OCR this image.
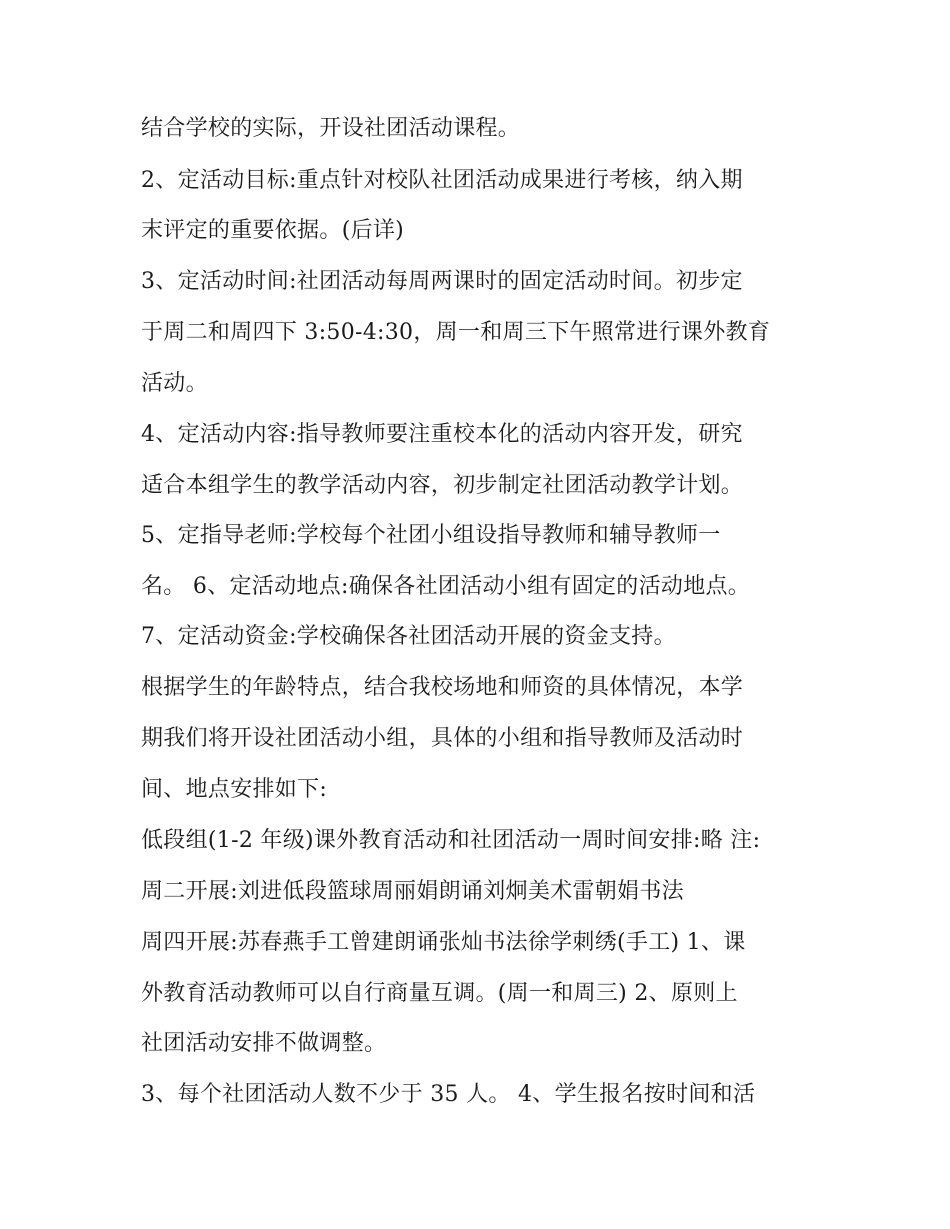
结合学校的实际，开设社团活动课程。
2、定活动目标:重点针对校队社团活动成果进行考核，纳入期
末评定的重要依据。(后详)
3、定活动时间:社团活动每周两课时的固定活动时间。初步定
于周二和周四下 3:50-4:30，周一和周三下午照常进行课外教育
活动。
4、定活动内容:指导教师要注重校本化的活动内容开发，研究
适合本组学生的教学活动内容，初步制定社团活动教学计划。
5、定指导老师:学校每个社团小组设指导教师和辅导教师一
名。 6、定活动地点:确保各社团活动小组有固定的活动地点。
7、定活动资金:学校确保各社团活动开展的资金支持。
根据学生的年龄特点，结合我校场地和师资的具体情况，本学
期我们将开设社团活动小组，具体的小组和指导教师及活动时
间、地点安排如下:
低段组(1-2 年级)课外教育活动和社团活动一周时间安排:略 注:
周二开展:刘进低段篮球周丽娟朗诵刘炯美术雷朝娟书法
周四开展:苏春燕手工曾建朗诵张灿书法徐学刺绣(手工) 1、课
外教育活动教师可以自行商量互调。(周一和周三) 2、原则上
社团活动安排不做调整。
3、每个社团活动人数不少于 35 人。 4、学生报名按时间和活
